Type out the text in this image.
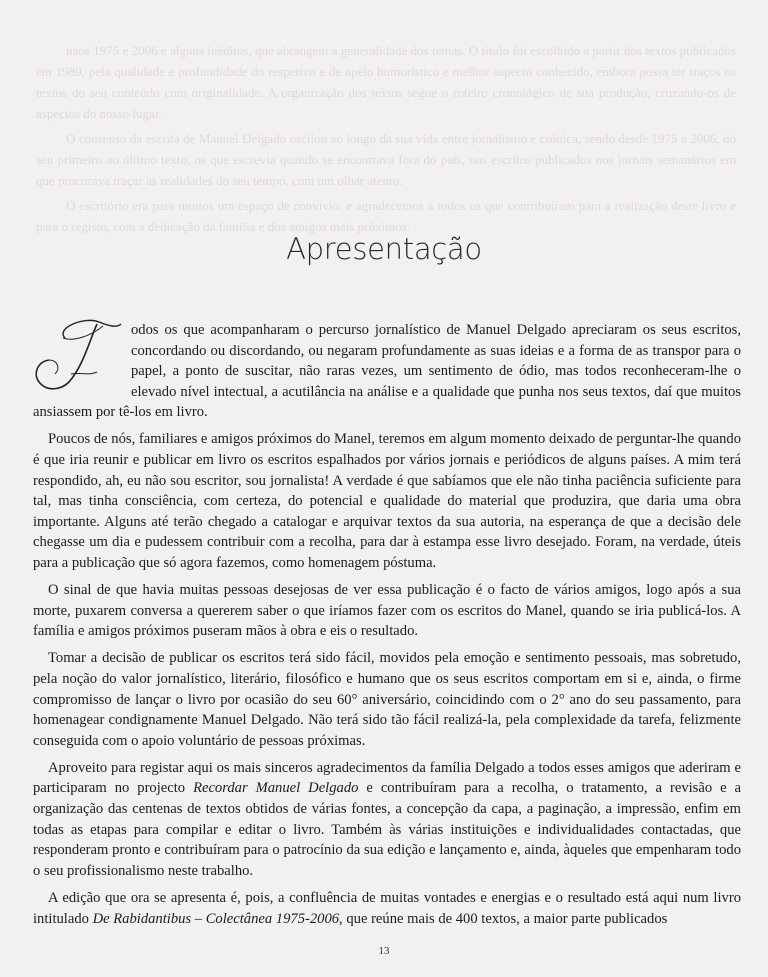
naos 1975 e 2006 e alguns inéditos, que abrangem a generalidade dos temas. O titulo foi escolhido a partir dos textos publicados em 1989, pela qualidade e profundidade do respetivo e de apelo humorístico e melhor aspecto conhecido, embora possa ter traços os textos do seu conteúdo com originalidade. A organização dos textos segue o roteiro cronológico de sua produção, cruzando-os de aspectos do nosso lugar.

O consenso da escrita de Manuel Delgado oscilou ao longo da sua vida entre jornalismo e crónica, sendo desde 1975 a 2006, do seu primeiro ao último texto, os que escrevia quando se encontrava fora do país, nos escritos publicados nos jornais semanários em que procurava traçar as realidades do seu tempo, com um olhar atento.

O escritório era para muitos um espaço de convívio, e agradecemos a todos os que contribuíram para a realização deste livro e para o registo, com a dedicação da família e dos amigos mais próximos.

Apresentação

odos os que acompanharam o percurso jornalístico de Manuel Delgado apreciaram os seus escritos, concordando ou discordando, ou negaram profundamente as suas ideias e a forma de as transpor para o papel, a ponto de suscitar, não raras vezes, um sentimento de ódio, mas todos reconheceram-lhe o elevado nível intectual, a acutilância na análise e a qualidade que punha nos seus textos, daí que muitos ansiassem por tê-los em livro.

Poucos de nós, familiares e amigos próximos do Manel, teremos em algum momento deixado de perguntar-lhe quando é que iria reunir e publicar em livro os escritos espalhados por vários jornais e periódicos de alguns países. A mim terá respondido, ah, eu não sou escritor, sou jornalista! A verdade é que sabíamos que ele não tinha paciência suficiente para tal, mas tinha consciência, com certeza, do potencial e qualidade do material que produzira, que daria uma obra importante. Alguns até terão chegado a catalogar e arquivar textos da sua autoria, na esperança de que a decisão dele chegasse um dia e pudessem contribuir com a recolha, para dar à estampa esse livro desejado. Foram, na verdade, úteis para a publicação que só agora fazemos, como homenagem póstuma.

O sinal de que havia muitas pessoas desejosas de ver essa publicação é o facto de vários amigos, logo após a sua morte, puxarem conversa a quererem saber o que iríamos fazer com os escritos do Manel, quando se iria publicá-los. A família e amigos próximos puseram mãos à obra e eis o resultado.

Tomar a decisão de publicar os escritos terá sido fácil, movidos pela emoção e sentimento pessoais, mas sobretudo, pela noção do valor jornalístico, literário, filosófico e humano que os seus escritos comportam em si e, ainda, o firme compromisso de lançar o livro por ocasião do seu 60° aniversário, coincidindo com o 2° ano do seu passamento, para homenagear condignamente Manuel Delgado. Não terá sido tão fácil realizá-la, pela complexidade da tarefa, felizmente conseguida com o apoio voluntário de pessoas próximas.

Aproveito para registar aqui os mais sinceros agradecimentos da família Delgado a todos esses amigos que aderiram e participaram no projecto Recordar Manuel Delgado e contribuíram para a recolha, o tratamento, a revisão e a organização das centenas de textos obtidos de várias fontes, a concepção da capa, a paginação, a impressão, enfim em todas as etapas para compilar e editar o livro. Também às várias instituições e individualidades contactadas, que responderam pronto e contribuíram para o patrocínio da sua edição e lançamento e, ainda, àqueles que empenharam todo o seu profissionalismo neste trabalho.

A edição que ora se apresenta é, pois, a confluência de muitas vontades e energias e o resultado está aqui num livro intitulado De Rabidantibus – Colectânea 1975-2006, que reúne mais de 400 textos, a maior parte publicados

13
